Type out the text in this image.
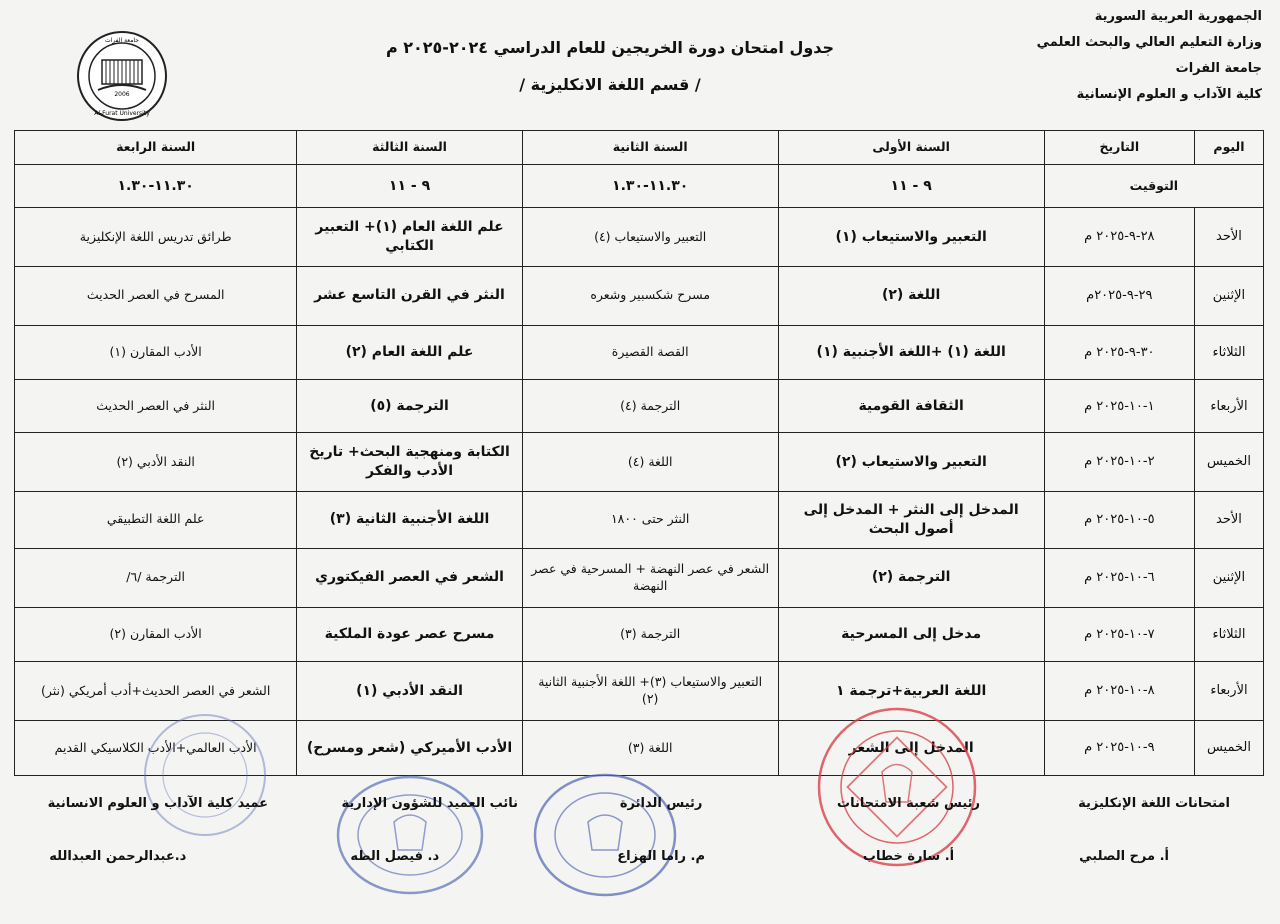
الجمهورية العربية السورية
وزارة التعليم العالي والبحث العلمي
جامعة الفرات
كلية الآداب و العلوم الإنسانية
جدول امتحان دورة الخريجين للعام الدراسي ٢٠٢٤-٢٠٢٥ م
/ قسم اللغة الانكليزية /
2006
جامعة الفرات
Al-Furat University
اليوم	التاريخ	السنة الأولى	السنة الثانية	السنة الثالثة	السنة الرابعة
التوقيت		٩ - ١١	١١.٣٠-١.٣٠	٩ - ١١	١١.٣٠-١.٣٠
الأحد	٢٨-٩-٢٠٢٥ م	التعبير والاستيعاب (١)	التعبير والاستيعاب (٤)	علم اللغة العام (١)+ التعبير الكتابي	طرائق تدريس اللغة الإنكليزية
الإثنين	٢٩-٩-٢٠٢٥م	اللغة (٢)	مسرح شكسبير وشعره	النثر في القرن التاسع عشر	المسرح في العصر الحديث
الثلاثاء	٣٠-٩-٢٠٢٥ م	اللغة (١) +اللغة الأجنبية (١)	القصة القصيرة	علم اللغة العام (٢)	الأدب المقارن (١)
الأربعاء	١-١٠-٢٠٢٥ م	الثقافة القومية	الترجمة (٤)	الترجمة (٥)	النثر في العصر الحديث
الخميس	٢-١٠-٢٠٢٥ م	التعبير والاستيعاب (٢)	اللغة (٤)	الكتابة ومنهجية البحث+ تاريخ الأدب والفكر	النقد الأدبي (٢)
الأحد	٥-١٠-٢٠٢٥ م	المدخل إلى النثر + المدخل إلى أصول البحث	النثر حتى ١٨٠٠	اللغة الأجنبية الثانية (٣)	علم اللغة التطبيقي
الإثنين	٦-١٠-٢٠٢٥ م	الترجمة (٢)	الشعر في عصر النهضة + المسرحية في عصر النهضة	الشعر في العصر الفيكتوري	الترجمة /٦/
الثلاثاء	٧-١٠-٢٠٢٥ م	مدخل إلى المسرحية	الترجمة (٣)	مسرح عصر عودة الملكية	الأدب المقارن (٢)
الأربعاء	٨-١٠-٢٠٢٥ م	اللغة العربية+ترجمة ١	التعبير والاستيعاب (٣)+ اللغة الأجنبية الثانية (٢)	النقد الأدبي (١)	الشعر في العصر الحديث+أدب أمريكي (نثر)
الخميس	٩-١٠-٢٠٢٥ م	المدخل إلى الشعر	اللغة (٣)	الأدب الأميركي (شعر ومسرح)	الأدب العالمي+الأدب الكلاسيكي القديم
امتحانات اللغة الإنكليزية
أ. مرح الصلبي
رئيس شعبة الامتحانات
أ. سارة خطاب
رئيس الدائرة
م. راما الهزاع
نائب العميد للشؤون الإدارية
د. فيصل الطه
عميد كلية الآداب و العلوم الانسانية
د.عبدالرحمن العبدالله
